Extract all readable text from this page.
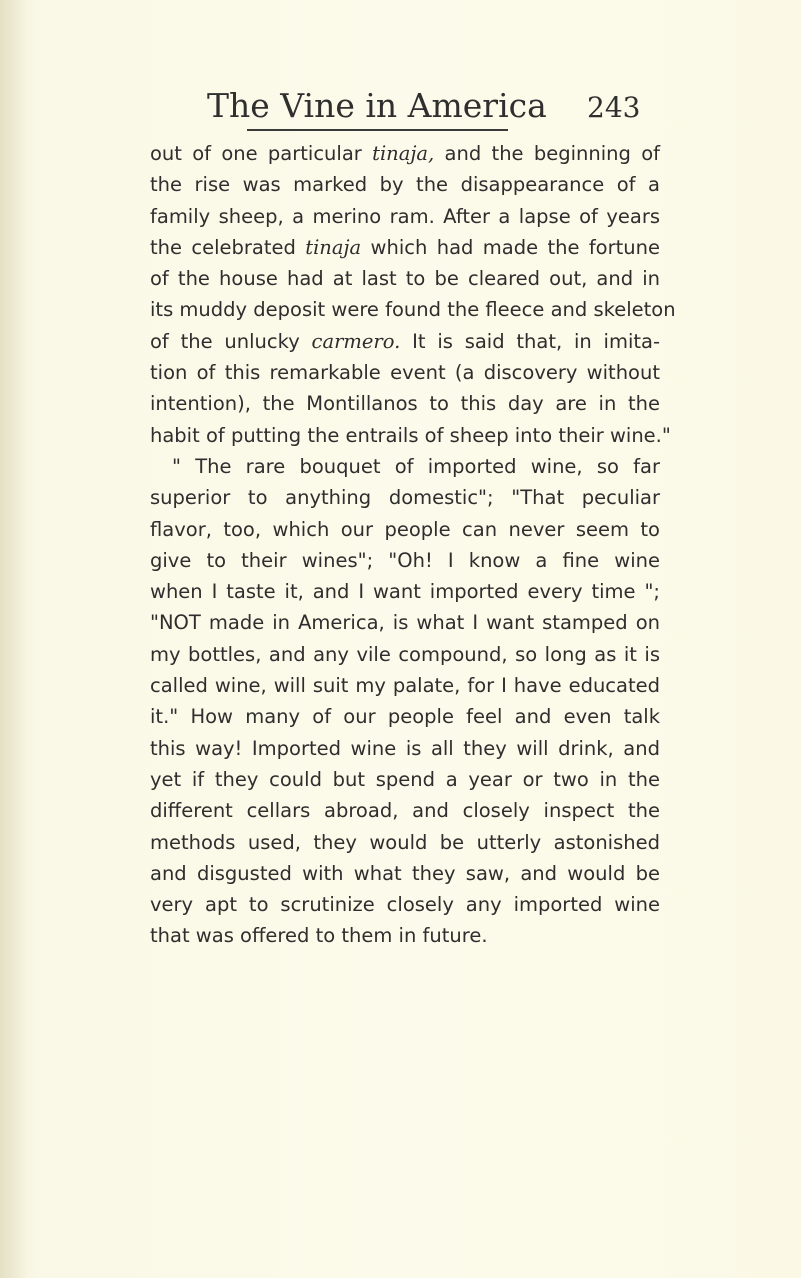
The Vine in America 243
out of one particular tinaja, and the beginning of
the rise was marked by the disappearance of a
family sheep, a merino ram. After a lapse of years
the celebrated tinaja which had made the fortune
of the house had at last to be cleared out, and in
its muddy deposit were found the fleece and skeleton
of the unlucky carmero. It is said that, in imita-
tion of this remarkable event (a discovery without
intention), the Montillanos to this day are in the
habit of putting the entrails of sheep into their wine."
" The rare bouquet of imported wine, so far
superior to anything domestic"; "That peculiar
flavor, too, which our people can never seem to
give to their wines"; "Oh! I know a fine wine
when I taste it, and I want imported every time ";
"NOT made in America, is what I want stamped on
my bottles, and any vile compound, so long as it is
called wine, will suit my palate, for I have educated
it." How many of our people feel and even talk
this way! Imported wine is all they will drink, and
yet if they could but spend a year or two in the
different cellars abroad, and closely inspect the
methods used, they would be utterly astonished
and disgusted with what they saw, and would be
very apt to scrutinize closely any imported wine
that was offered to them in future.
